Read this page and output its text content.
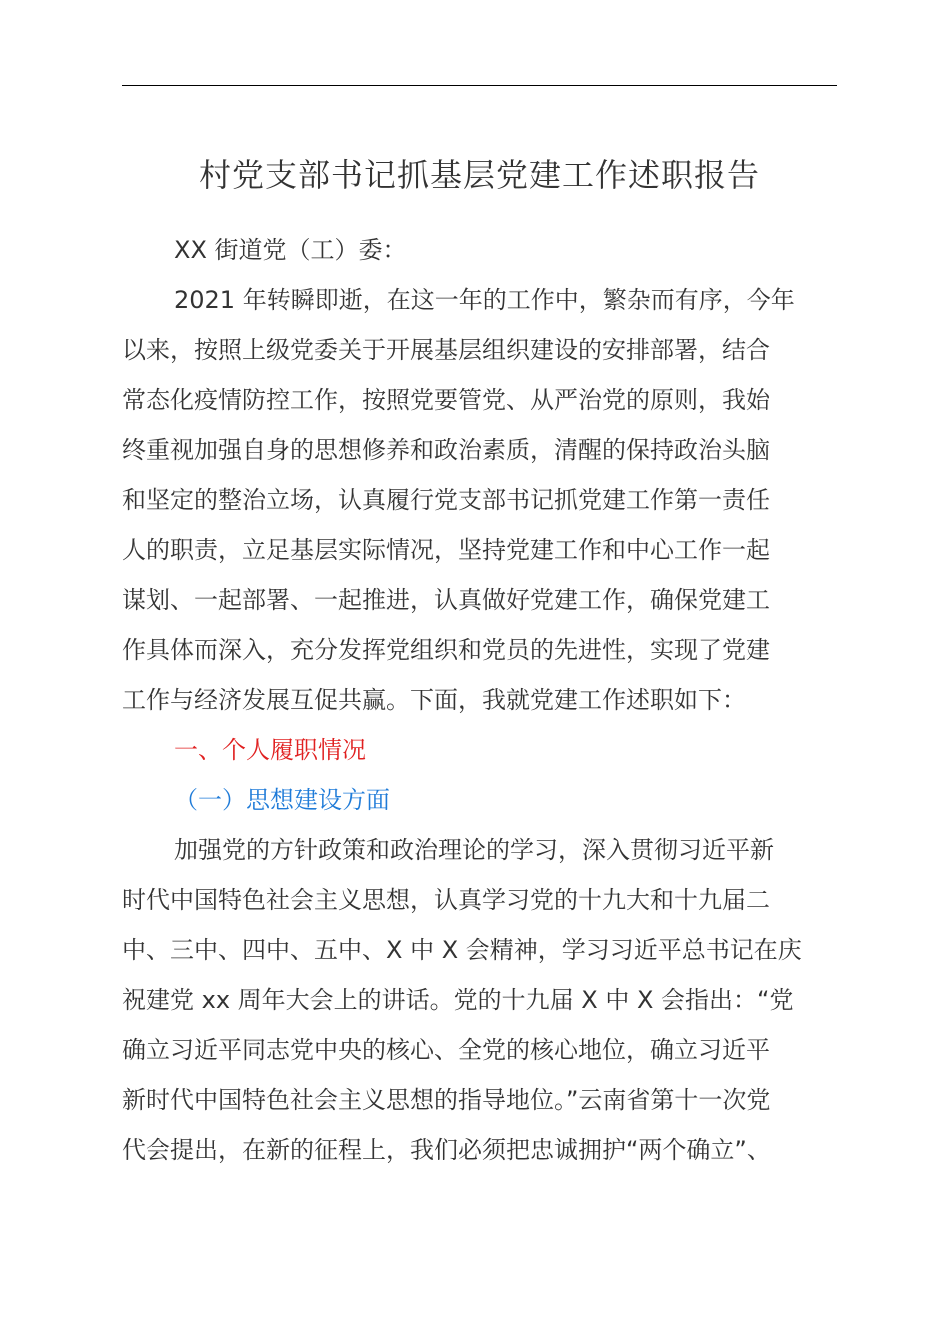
村党支部书记抓基层党建工作述职报告
XX 街道党（工）委：
2021 年转瞬即逝，在这一年的工作中，繁杂而有序，今年
以来，按照上级党委关于开展基层组织建设的安排部署，结合
常态化疫情防控工作，按照党要管党、从严治党的原则，我始
终重视加强自身的思想修养和政治素质，清醒的保持政治头脑
和坚定的整治立场，认真履行党支部书记抓党建工作第一责任
人的职责，立足基层实际情况，坚持党建工作和中心工作一起
谋划、一起部署、一起推进，认真做好党建工作，确保党建工
作具体而深入，充分发挥党组织和党员的先进性，实现了党建
工作与经济发展互促共赢。下面，我就党建工作述职如下：
一、个人履职情况
（一）思想建设方面
加强党的方针政策和政治理论的学习，深入贯彻习近平新
时代中国特色社会主义思想，认真学习党的十九大和十九届二
中、三中、四中、五中、X 中 X 会精神，学习习近平总书记在庆
祝建党 xx 周年大会上的讲话。党的十九届 X 中 X 会指出：“党
确立习近平同志党中央的核心、全党的核心地位，确立习近平
新时代中国特色社会主义思想的指导地位。”云南省第十一次党
代会提出，在新的征程上，我们必须把忠诚拥护“两个确立”、
